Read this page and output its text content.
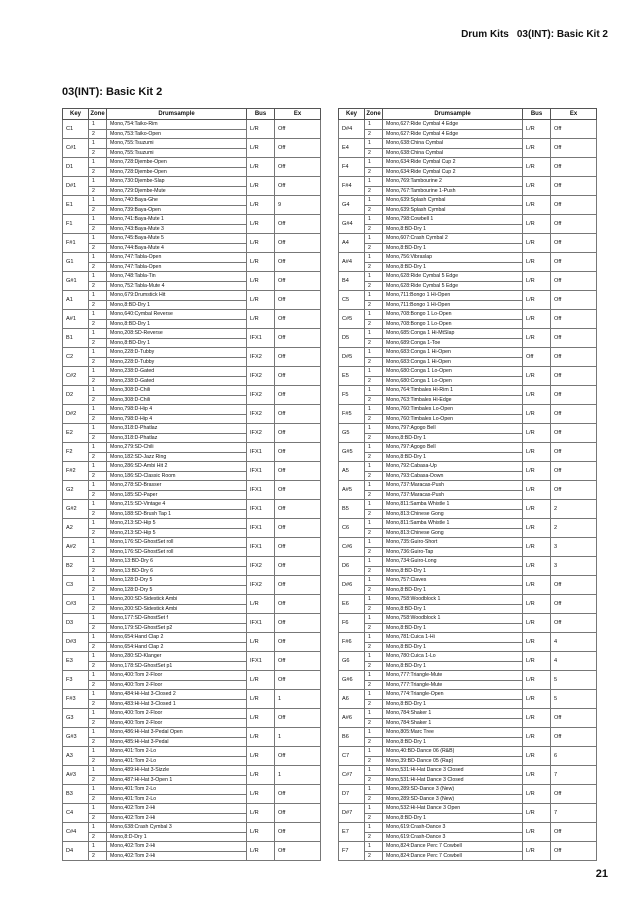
Drum Kits 03(INT): Basic Kit 2
03(INT): Basic Kit 2
Key	Zone	Drumsample	Bus	Ex
C1	1	Mono,754:Taiko-Rim	L/R	Off
	2	Mono,753:Taiko-Open		
C#1	1	Mono,755:Tsuzumi	L/R	Off
	2	Mono,755:Tsuzumi		
D1	1	Mono,728:Djembe-Open	L/R	Off
	2	Mono,728:Djembe-Open		
D#1	1	Mono,730:Djembe-Slap	L/R	Off
	2	Mono,729:Djembe-Mute		
E1	1	Mono,740:Baya-Ghe	L/R	9
	2	Mono,739:Baya-Open		
F1	1	Mono,741:Baya-Mute 1	L/R	Off
	2	Mono,743:Baya-Mute 3		
F#1	1	Mono,745:Baya-Mute 5	L/R	Off
	2	Mono,744:Baya-Mute 4		
G1	1	Mono,747:Tabla-Open	L/R	Off
	2	Mono,747:Tabla-Open		
G#1	1	Mono,748:Tabla-Tin	L/R	Off
	2	Mono,752:Tabla-Mute 4		
A1	1	Mono,679:Drumstick Hit	L/R	Off
	2	Mono,8:BD-Dry 1		
A#1	1	Mono,640:Cymbal Reverse	L/R	Off
	2	Mono,8:BD-Dry 1		
B1	1	Mono,208:SD-Reverse	IFX1	Off
	2	Mono,8:BD-Dry 1		
C2	1	Mono,228:D-Tubby	IFX2	Off
	2	Mono,228:D-Tubby		
C#2	1	Mono,238:D-Gated	IFX2	Off
	2	Mono,238:D-Gated		
D2	1	Mono,308:D-Chili	IFX2	Off
	2	Mono,308:D-Chili		
D#2	1	Mono,798:D-Hip 4	IFX2	Off
	2	Mono,798:D-Hip 4		
E2	1	Mono,318:D-Phatlaz	IFX2	Off
	2	Mono,318:D-Phatlaz		
F2	1	Mono,279:SD-Chili	IFX1	Off
	2	Mono,182:SD-Jazz Ring		
F#2	1	Mono,286:SD-Ambi Hit 2	IFX1	Off
	2	Mono,186:SD-Classic Room		
G2	1	Mono,278:SD-Brasser	IFX1	Off
	2	Mono,185:SD-Paper		
G#2	1	Mono,215:SD-Vintage 4	IFX1	Off
	2	Mono,188:SD-Brush Tap 1		
A2	1	Mono,213:SD-Hip 5	IFX1	Off
	2	Mono,213:SD-Hip 5		
A#2	1	Mono,176:SD-GhostSet roll	IFX1	Off
	2	Mono,176:SD-GhostSet roll		
B2	1	Mono,13:BD-Dry 6	IFX2	Off
	2	Mono,13:BD-Dry 6		
C3	1	Mono,128:D-Dry 5	IFX2	Off
	2	Mono,128:D-Dry 5		
C#3	1	Mono,200:SD-Sidestick Ambi	L/R	Off
	2	Mono,200:SD-Sidestick Ambi		
D3	1	Mono,177:SD-GhostSet f	IFX1	Off
	2	Mono,179:SD-GhostSet p2		
D#3	1	Mono,654:Hand Clap 2	L/R	Off
	2	Mono,654:Hand Clap 2		
E3	1	Mono,280:SD-Klanger	IFX1	Off
	2	Mono,178:SD-GhostSet p1		
F3	1	Mono,400:Tom 2-Floor	L/R	Off
	2	Mono,400:Tom 2-Floor		
F#3	1	Mono,484:Hi-Hat 3-Closed 2	L/R	1
	2	Mono,483:Hi-Hat 3-Closed 1		
G3	1	Mono,400:Tom 2-Floor	L/R	Off
	2	Mono,400:Tom 2-Floor		
G#3	1	Mono,486:Hi-Hat 3-Pedal Open	L/R	1
	2	Mono,485:Hi-Hat 3-Pedal		
A3	1	Mono,401:Tom 2-Lo	L/R	Off
	2	Mono,401:Tom 2-Lo		
A#3	1	Mono,489:Hi-Hat 3-Sizzle	L/R	1
	2	Mono,487:Hi-Hat 3-Open 1		
B3	1	Mono,401:Tom 2-Lo	L/R	Off
	2	Mono,401:Tom 2-Lo		
C4	1	Mono,402:Tom 2-Hi	L/R	Off
	2	Mono,402:Tom 2-Hi		
C#4	1	Mono,638:Crash Cymbal 3	L/R	Off
	2	Mono,8:D-Dry 1		
D4	1	Mono,402:Tom 2-Hi	L/R	Off
	2	Mono,402:Tom 2-Hi		
Key	Zone	Drumsample	Bus	Ex
D#4	1	Mono,627:Ride Cymbal 4 Edge	L/R	Off
	2	Mono,627:Ride Cymbal 4 Edge		
E4	1	Mono,638:China Cymbal	L/R	Off
	2	Mono,638:China Cymbal		
F4	1	Mono,634:Ride Cymbal Cup 2	L/R	Off
	2	Mono,634:Ride Cymbal Cup 2		
F#4	1	Mono,769:Tambourine 2	L/R	Off
	2	Mono,767:Tambourine 1-Push		
G4	1	Mono,639:Splash Cymbal	L/R	Off
	2	Mono,639:Splash Cymbal		
G#4	1	Mono,798:Cowbell 1	L/R	Off
	2	Mono,8:BD-Dry 1		
A4	1	Mono,607:Crash Cymbal 2	L/R	Off
	2	Mono,8:BD-Dry 1		
A#4	1	Mono,756:Vibraslap	L/R	Off
	2	Mono,8:BD-Dry 1		
B4	1	Mono,628:Ride Cymbal 5 Edge	L/R	Off
	2	Mono,628:Ride Cymbal 5 Edge		
C5	1	Mono,711:Bongo 1 Hi-Open	L/R	Off
	2	Mono,711:Bongo 1 Hi-Open		
C#5	1	Mono,708:Bongo 1 Lo-Open	L/R	Off
	2	Mono,708:Bongo 1 Lo-Open		
D5	1	Mono,685:Conga 1 Hi-MtSlap	L/R	Off
	2	Mono,689:Conga 1-Toe		
D#5	1	Mono,683:Conga 1 Hi-Open	Off	Off
	2	Mono,683:Conga 1 Hi-Open		
E5	1	Mono,680:Conga 1 Lo-Open	L/R	Off
	2	Mono,680:Conga 1 Lo-Open		
F5	1	Mono,764:Timbales Hi-Rim 1	L/R	Off
	2	Mono,763:Timbales Hi-Edge		
F#5	1	Mono,760:Timbales Lo-Open	L/R	Off
	2	Mono,760:Timbales Lo-Open		
G5	1	Mono,797:Agogo Bell	L/R	Off
	2	Mono,8:BD-Dry 1		
G#5	1	Mono,797:Agogo Bell	L/R	Off
	2	Mono,8:BD-Dry 1		
A5	1	Mono,792:Cabasa-Up	L/R	Off
	2	Mono,793:Cabasa-Down		
A#5	1	Mono,737:Maracas-Push	L/R	Off
	2	Mono,737:Maracas-Push		
B5	1	Mono,811:Samba Whistle 1	L/R	2
	2	Mono,813:Chinese Gong		
C6	1	Mono,811:Samba Whistle 1	L/R	2
	2	Mono,813:Chinese Gong		
C#6	1	Mono,735:Guiro-Short	L/R	3
	2	Mono,736:Guiro-Tap		
D6	1	Mono,734:Guiro-Long	L/R	3
	2	Mono,8:BD-Dry 1		
D#6	1	Mono,757:Claves	L/R	Off
	2	Mono,8:BD-Dry 1		
E6	1	Mono,758:Woodblock 1	L/R	Off
	2	Mono,8:BD-Dry 1		
F6	1	Mono,758:Woodblock 1	L/R	Off
	2	Mono,8:BD-Dry 1		
F#6	1	Mono,781:Cuica 1-Hi	L/R	4
	2	Mono,8:BD-Dry 1		
G6	1	Mono,780:Cuica 1-Lo	L/R	4
	2	Mono,8:BD-Dry 1		
G#6	1	Mono,777:Triangle-Mute	L/R	5
	2	Mono,777:Triangle-Mute		
A6	1	Mono,774:Triangle-Open	L/R	5
	2	Mono,8:BD-Dry 1		
A#6	1	Mono,784:Shaker 1	L/R	Off
	2	Mono,784:Shaker 1		
B6	1	Mono,805:Marc Tree	L/R	Off
	2	Mono,8:BD-Dry 1		
C7	1	Mono,40:BD-Dance 06 (R&B)	L/R	6
	2	Mono,39:BD-Dance 05 (Rap)		
C#7	1	Mono,531:Hi-Hat Dance 3 Closed	L/R	7
	2	Mono,531:Hi-Hat Dance 3 Closed		
D7	1	Mono,289:SD-Dance 3 (New)	L/R	Off
	2	Mono,289:SD-Dance 3 (New)		
D#7	1	Mono,532:Hi-Hat Dance 3 Open	L/R	7
	2	Mono,8:BD-Dry 1		
E7	1	Mono,619:Crash-Dance 3	L/R	Off
	2	Mono,619:Crash-Dance 3		
F7	1	Mono,824:Dance Perc 7 Cowbell	L/R	Off
	2	Mono,824:Dance Perc 7 Cowbell		
21
